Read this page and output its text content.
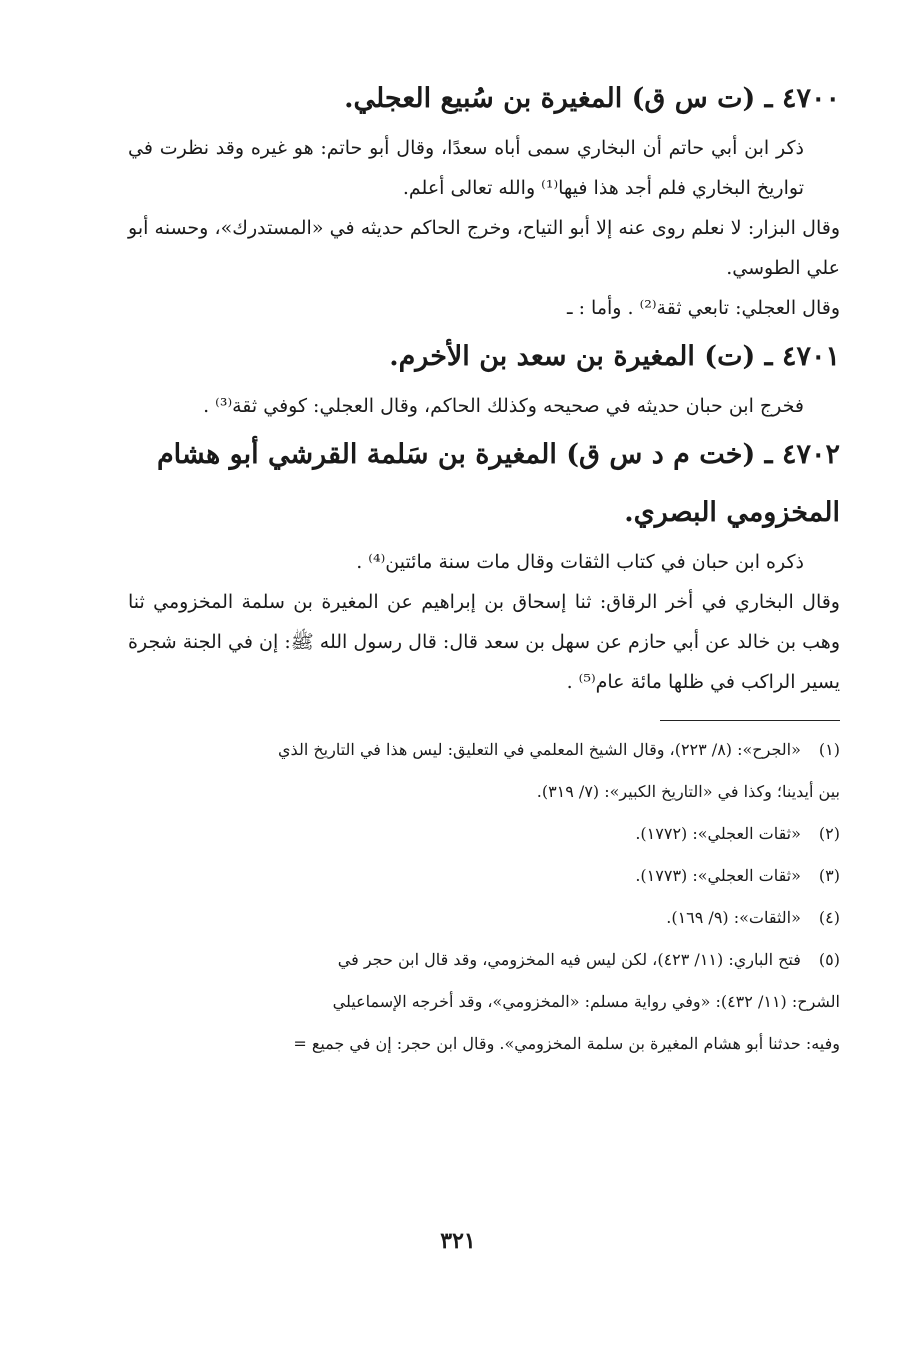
٤٧٠٠ ـ (ت س ق) المغيرة بن سُبيع العجلي.

ذكر ابن أبي حاتم أن البخاري سمى أباه سعدًا، وقال أبو حاتم: هو غيره وقد نظرت في تواريخ البخاري فلم أجد هذا فيها⁽¹⁾ والله تعالى أعلم.

وقال البزار: لا نعلم روى عنه إلا أبو التياح، وخرج الحاكم حديثه في «المستدرك»، وحسنه أبو علي الطوسي.

وقال العجلي: تابعي ثقة⁽²⁾ . وأما : ـ

٤٧٠١ ـ (ت) المغيرة بن سعد بن الأخرم.

فخرج ابن حبان حديثه في صحيحه وكذلك الحاكم، وقال العجلي: كوفي ثقة⁽³⁾ .

٤٧٠٢ ـ (خت م د س ق) المغيرة بن سَلمة القرشي أبو هشام المخزومي البصري.

ذكره ابن حبان في كتاب الثقات وقال مات سنة مائتين⁽⁴⁾ .

وقال البخاري في أخر الرقاق: ثنا إسحاق بن إبراهيم عن المغيرة بن سلمة المخزومي ثنا وهب بن خالد عن أبي حازم عن سهل بن سعد قال: قال رسول الله ﷺ: إن في الجنة شجرة يسير الراكب في ظلها مائة عام⁽⁵⁾ .

(١) «الجرح»: (٨/ ٢٢٣)، وقال الشيخ المعلمي في التعليق: ليس هذا في التاريخ الذي

بين أيدينا؛ وكذا في «التاريخ الكبير»: (٧/ ٣١٩).

(٢) «ثقات العجلي»: (١٧٧٢).

(٣) «ثقات العجلي»: (١٧٧٣).

(٤) «الثقات»: (٩/ ١٦٩).

(٥) فتح الباري: (١١/ ٤٢٣)، لكن ليس فيه المخزومي، وقد قال ابن حجر في

الشرح: (١١/ ٤٣٢): «وفي رواية مسلم: «المخزومي»، وقد أخرجه الإسماعيلي

وفيه: حدثنا أبو هشام المغيرة بن سلمة المخزومي». وقال ابن حجر: إن في جميع =

٣٢١
